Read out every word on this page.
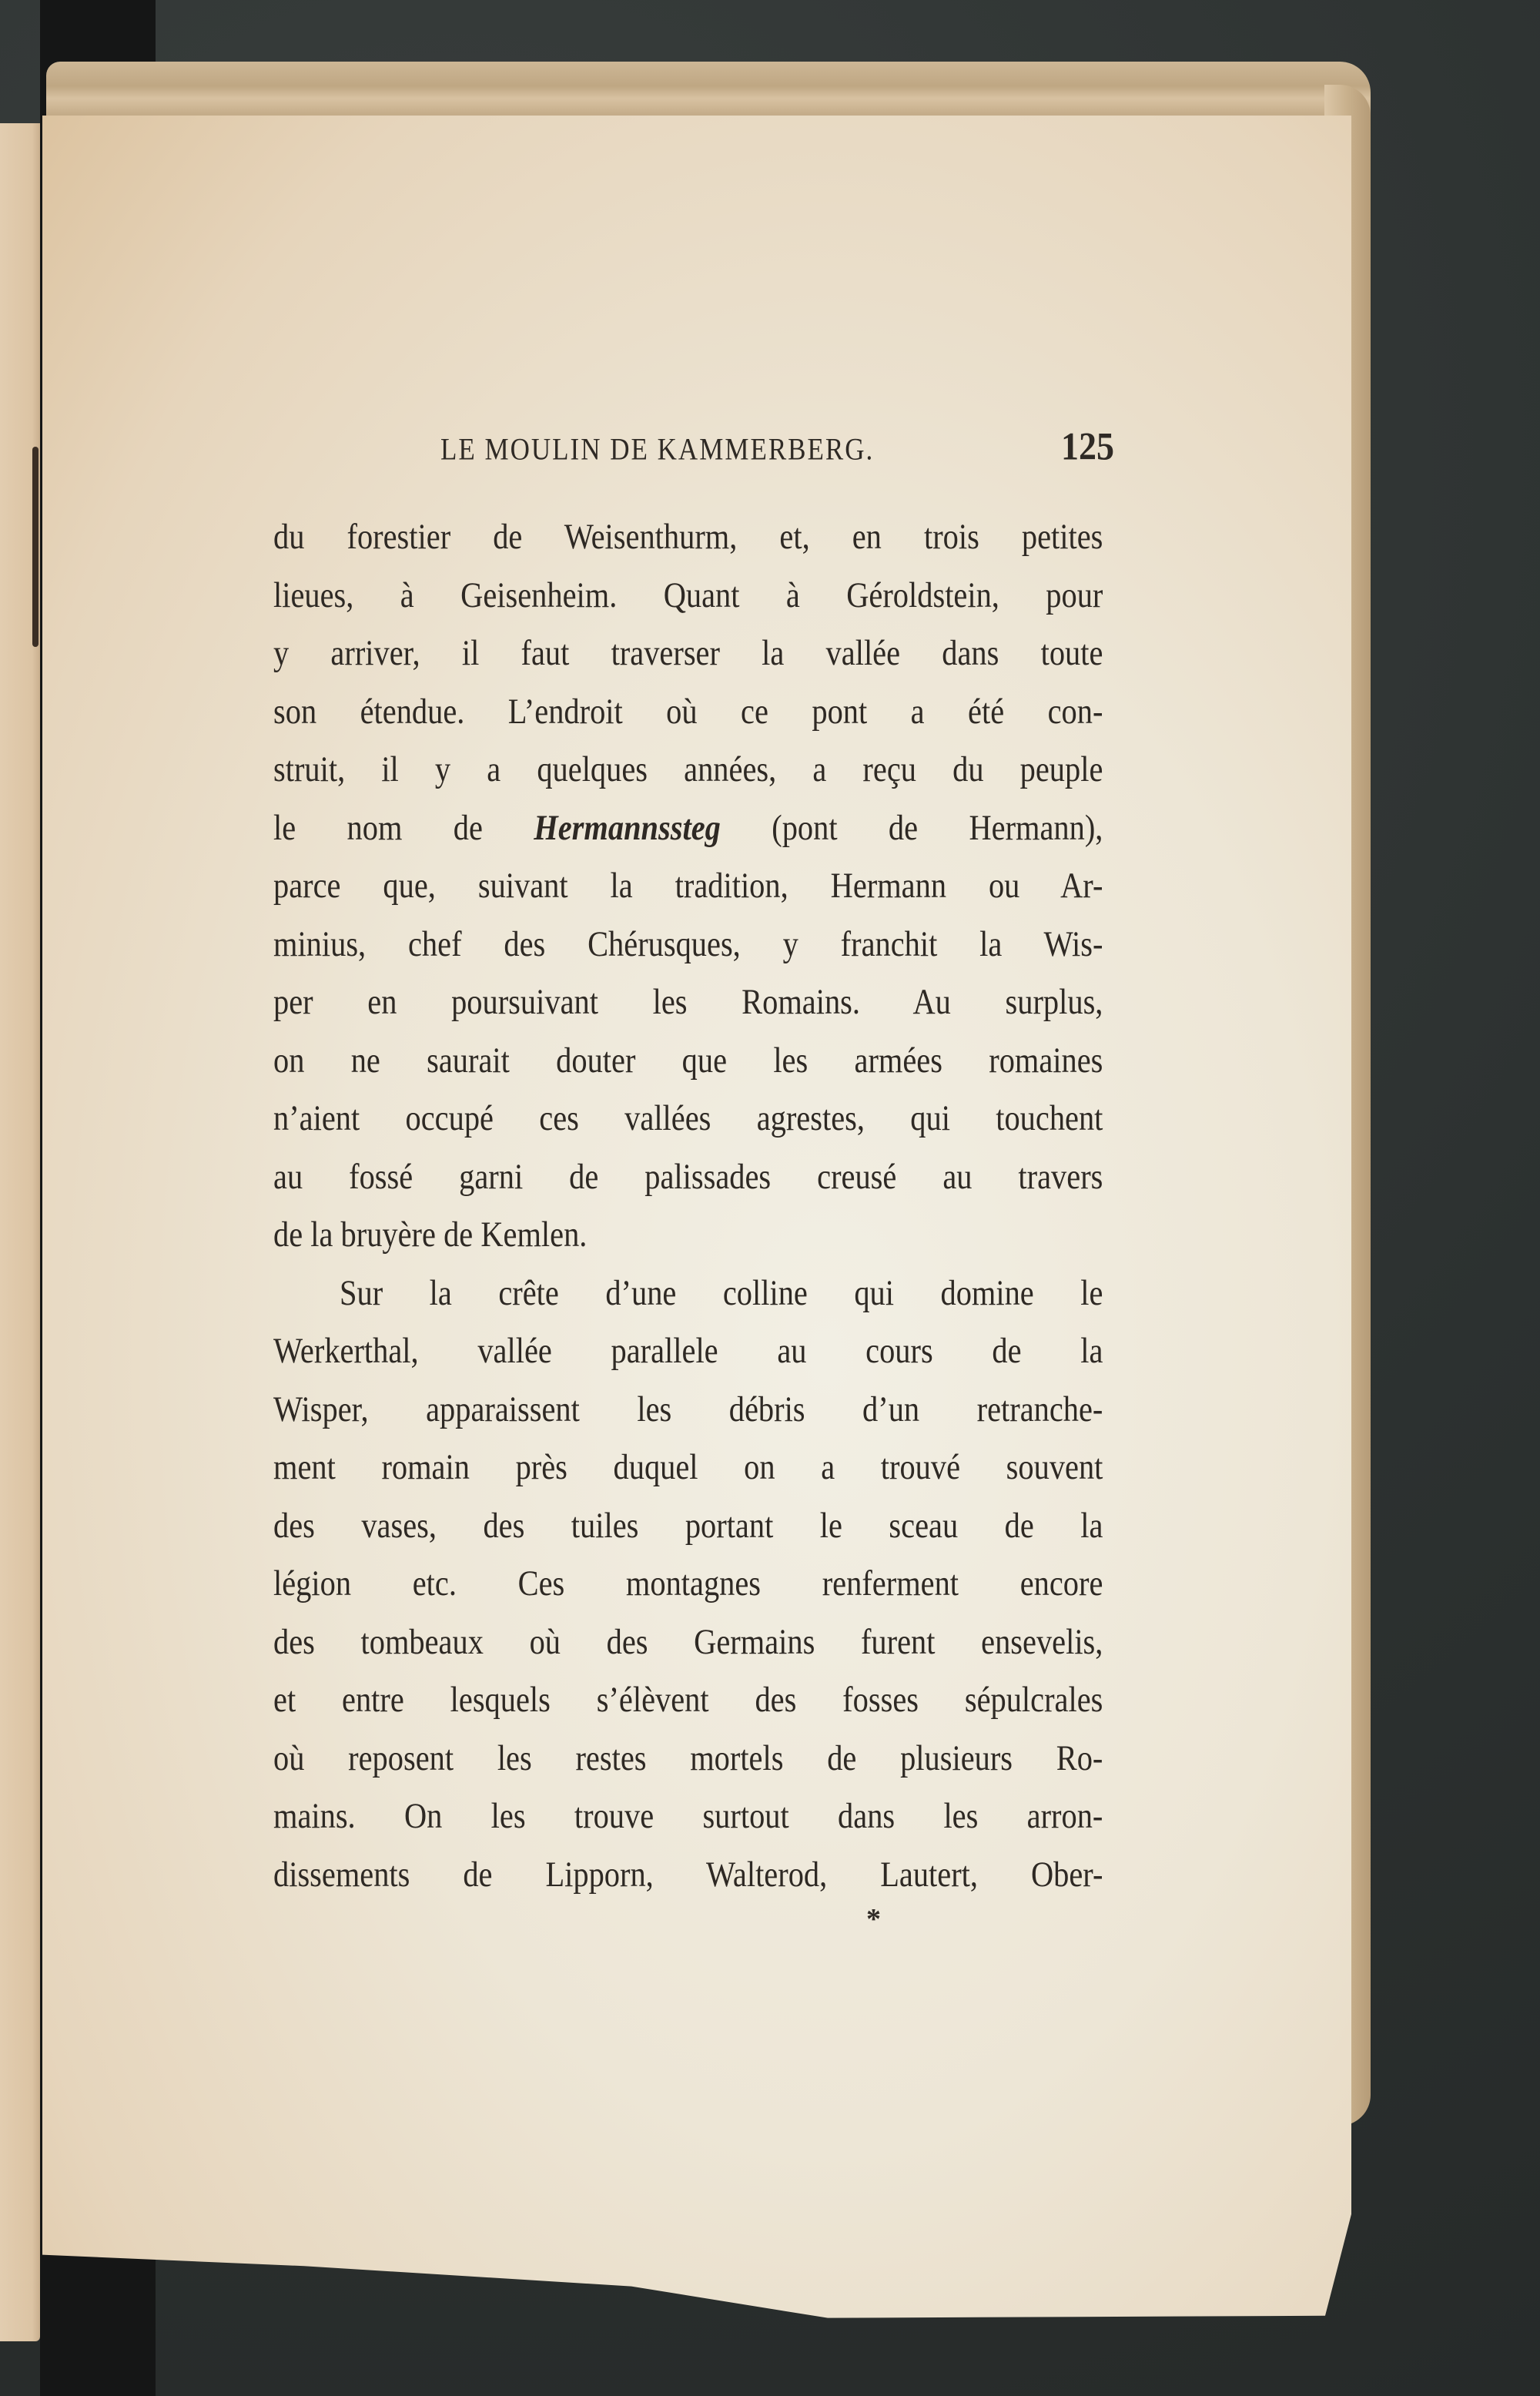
LE MOULIN DE KAMMERBERG.	125
du forestier de Weisenthurm, et, en trois petites
lieues, à Geisenheim. Quant à Géroldstein, pour
y arriver, il faut traverser la vallée dans toute
son étendue. L’endroit où ce pont a été con-
struit, il y a quelques années, a reçu du peuple
le nom de Hermannssteg (pont de Hermann),
parce que, suivant la tradition, Hermann ou Ar-
minius, chef des Chérusques, y franchit la Wis-
per en poursuivant les Romains. Au surplus,
on ne saurait douter que les armées romaines
n’aient occupé ces vallées agrestes, qui touchent
au fossé garni de palissades creusé au travers
de la bruyère de Kemlen.
Sur la crête d’une colline qui domine le
Werkerthal, vallée parallele au cours de la
Wisper, apparaissent les débris d’un retranche-
ment romain près duquel on a trouvé souvent
des vases, des tuiles portant le sceau de la
légion etc. Ces montagnes renferment encore
des tombeaux où des Germains furent ensevelis,
et entre lesquels s’élèvent des fosses sépulcrales
où reposent les restes mortels de plusieurs Ro-
mains. On les trouve surtout dans les arron-
dissements de Lipporn, Walterod, Lautert, Ober-
*
